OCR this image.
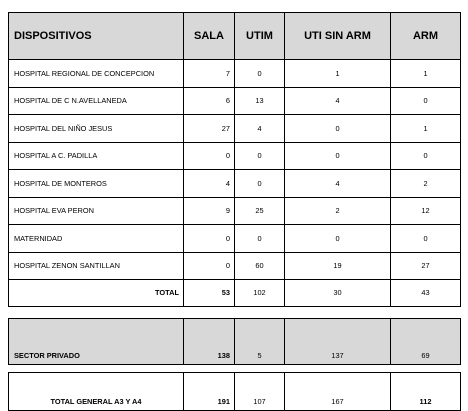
DISPOSITIVOS	SALA	UTIM	UTI SIN ARM	ARM
HOSPITAL REGIONAL DE CONCEPCION	7	0	1	1
HOSPITAL DE C N.AVELLANEDA	6	13	4	0
HOSPITAL DEL NIÑO JESUS	27	4	0	1
HOSPITAL A C. PADILLA	0	0	0	0
HOSPITAL DE MONTEROS	4	0	4	2
HOSPITAL EVA PERON	9	25	2	12
MATERNIDAD	0	0	0	0
HOSPITAL ZENON SANTILLAN	0	60	19	27
TOTAL	53	102	30	43
SECTOR PRIVADO	138	5	137	69
TOTAL GENERAL A3 Y A4	191	107	167	112
